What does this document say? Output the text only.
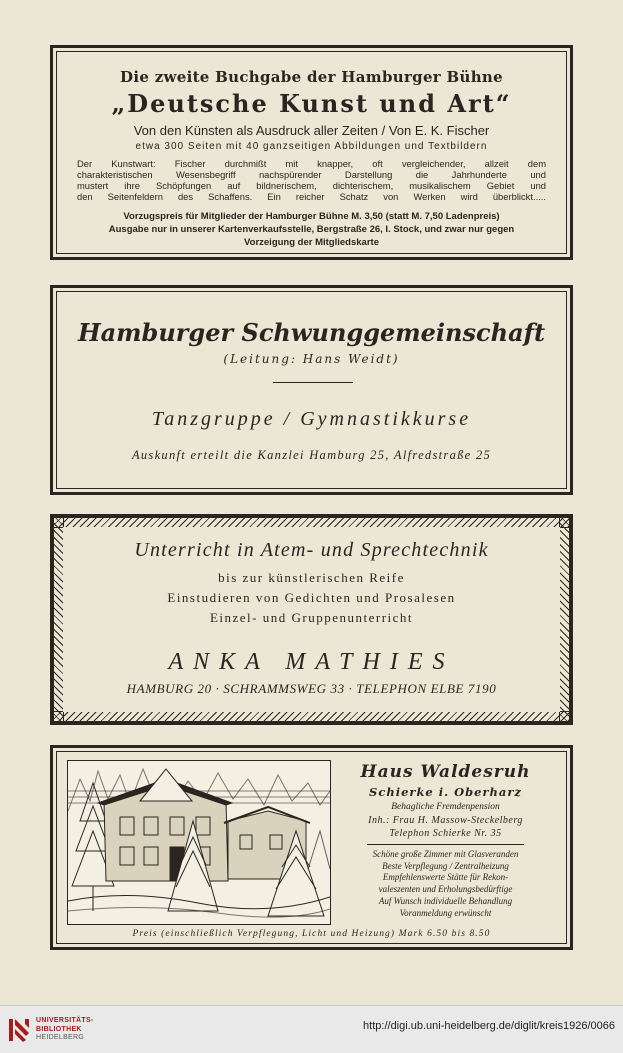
Die zweite Buchgabe der Hamburger Bühne
„Deutsche Kunst und Art“
Von den Künsten als Ausdruck aller Zeiten / Von E. K. Fischer
etwa 300 Seiten mit 40 ganzseitigen Abbildungen und Textbildern
Der Kunstwart: Fischer durchmißt mit knapper, oft vergleichender, allzeit dem
charakteristischen Wesensbegriff nachspürender Darstellung die Jahrhunderte und
mustert ihre Schöpfungen auf bildnerischem, dichterischem, musikalischem Gebiet und
den Seitenfeldern des Schaffens. Ein reicher Schatz von Werken wird überblickt.....
Vorzugspreis für Mitglieder der Hamburger Bühne M. 3,50 (statt M. 7,50 Ladenpreis)
Ausgabe nur in unserer Kartenverkaufsstelle, Bergstraße 26, I. Stock, und zwar nur gegen
Vorzeigung der Mitgliedskarte
Hamburger Schwunggemeinschaft
(Leitung: Hans Weidt)
Tanzgruppe / Gymnastikkurse
Auskunft erteilt die Kanzlei Hamburg 25, Alfredstraße 25
Unterricht in Atem- und Sprechtechnik
bis zur künstlerischen Reife
Einstudieren von Gedichten und Prosalesen
Einzel- und Gruppenunterricht
ANKA MATHIES
HAMBURG 20 · SCHRAMMSWEG 33 · TELEPHON ELBE 7190
Haus Waldesruh
Schierke i. Oberharz
Behagliche Fremdenpension
Inh.: Frau H. Massow-Steckelberg
Telephon Schierke Nr. 35
Schöne große Zimmer mit Glasveranden
Beste Verpflegung / Zentralheizung
Empfehlenswerte Stätte für Rekon-
valeszenten und Erholungsbedürftige
Auf Wunsch individuelle Behandlung
Voranmeldung erwünscht
Preis (einschließlich Verpflegung, Licht und Heizung) Mark 6.50 bis 8.50
UNIVERSITÄTS-
BIBLIOTHEK
HEIDELBERG
http://digi.ub.uni-heidelberg.de/diglit/kreis1926/0066
